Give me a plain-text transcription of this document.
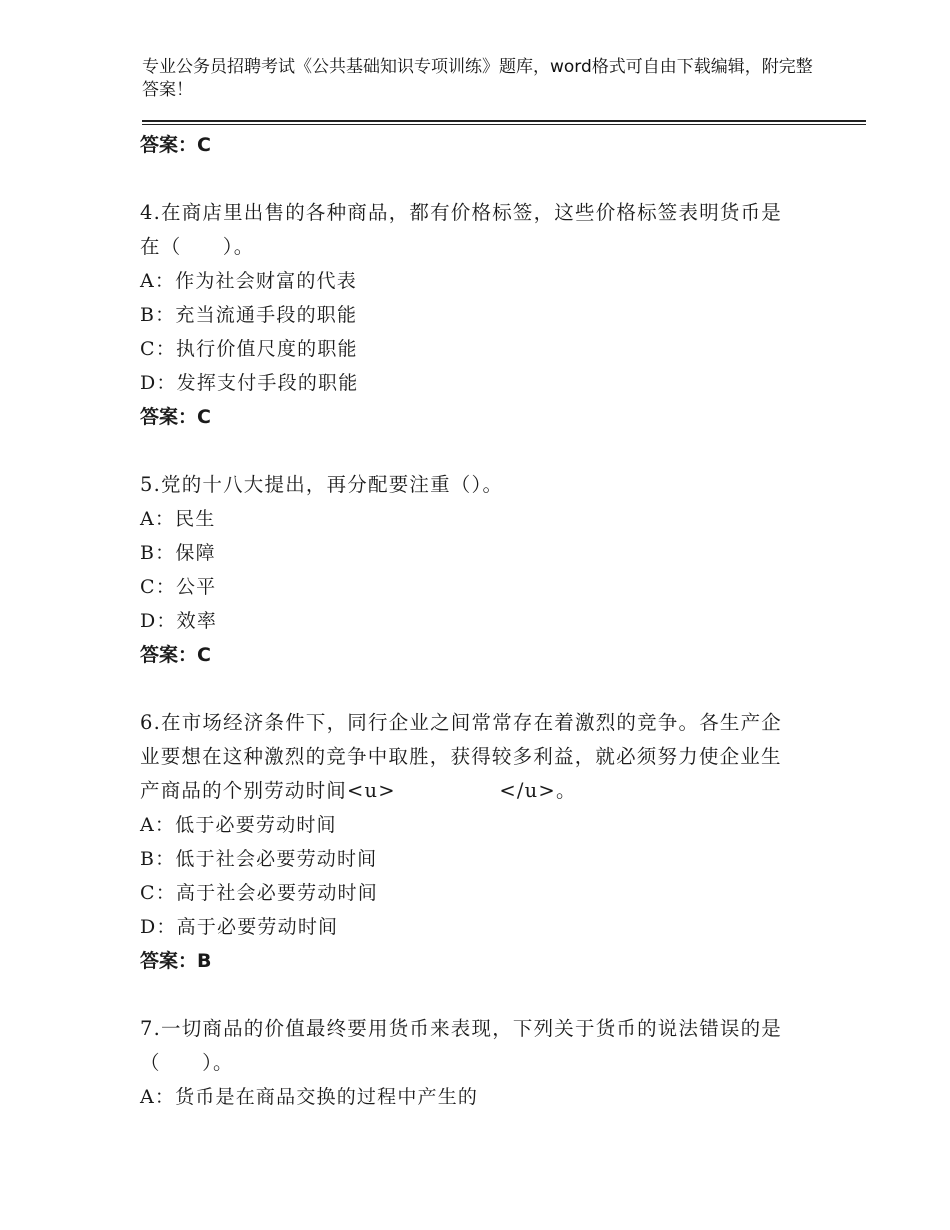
专业公务员招聘考试《公共基础知识专项训练》题库，word格式可自由下载编辑，附完整答案！

答案：C

4.在商店里出售的各种商品，都有价格标签，这些价格标签表明货币是在（　　）。

A：作为社会财富的代表

B：充当流通手段的职能

C：执行价值尺度的职能

D：发挥支付手段的职能

答案：C

5.党的十八大提出，再分配要注重（）。

A：民生

B：保障

C：公平

D：效率

答案：C

6.在市场经济条件下，同行企业之间常常存在着激烈的竞争。各生产企业要想在这种激烈的竞争中取胜，获得较多利益，就必须努力使企业生产商品的个别劳动时间<u>　　　　　</u>。

A：低于必要劳动时间

B：低于社会必要劳动时间

C：高于社会必要劳动时间

D：高于必要劳动时间

答案：B

7.一切商品的价值最终要用货币来表现，下列关于货币的说法错误的是（　　）。

A：货币是在商品交换的过程中产生的
